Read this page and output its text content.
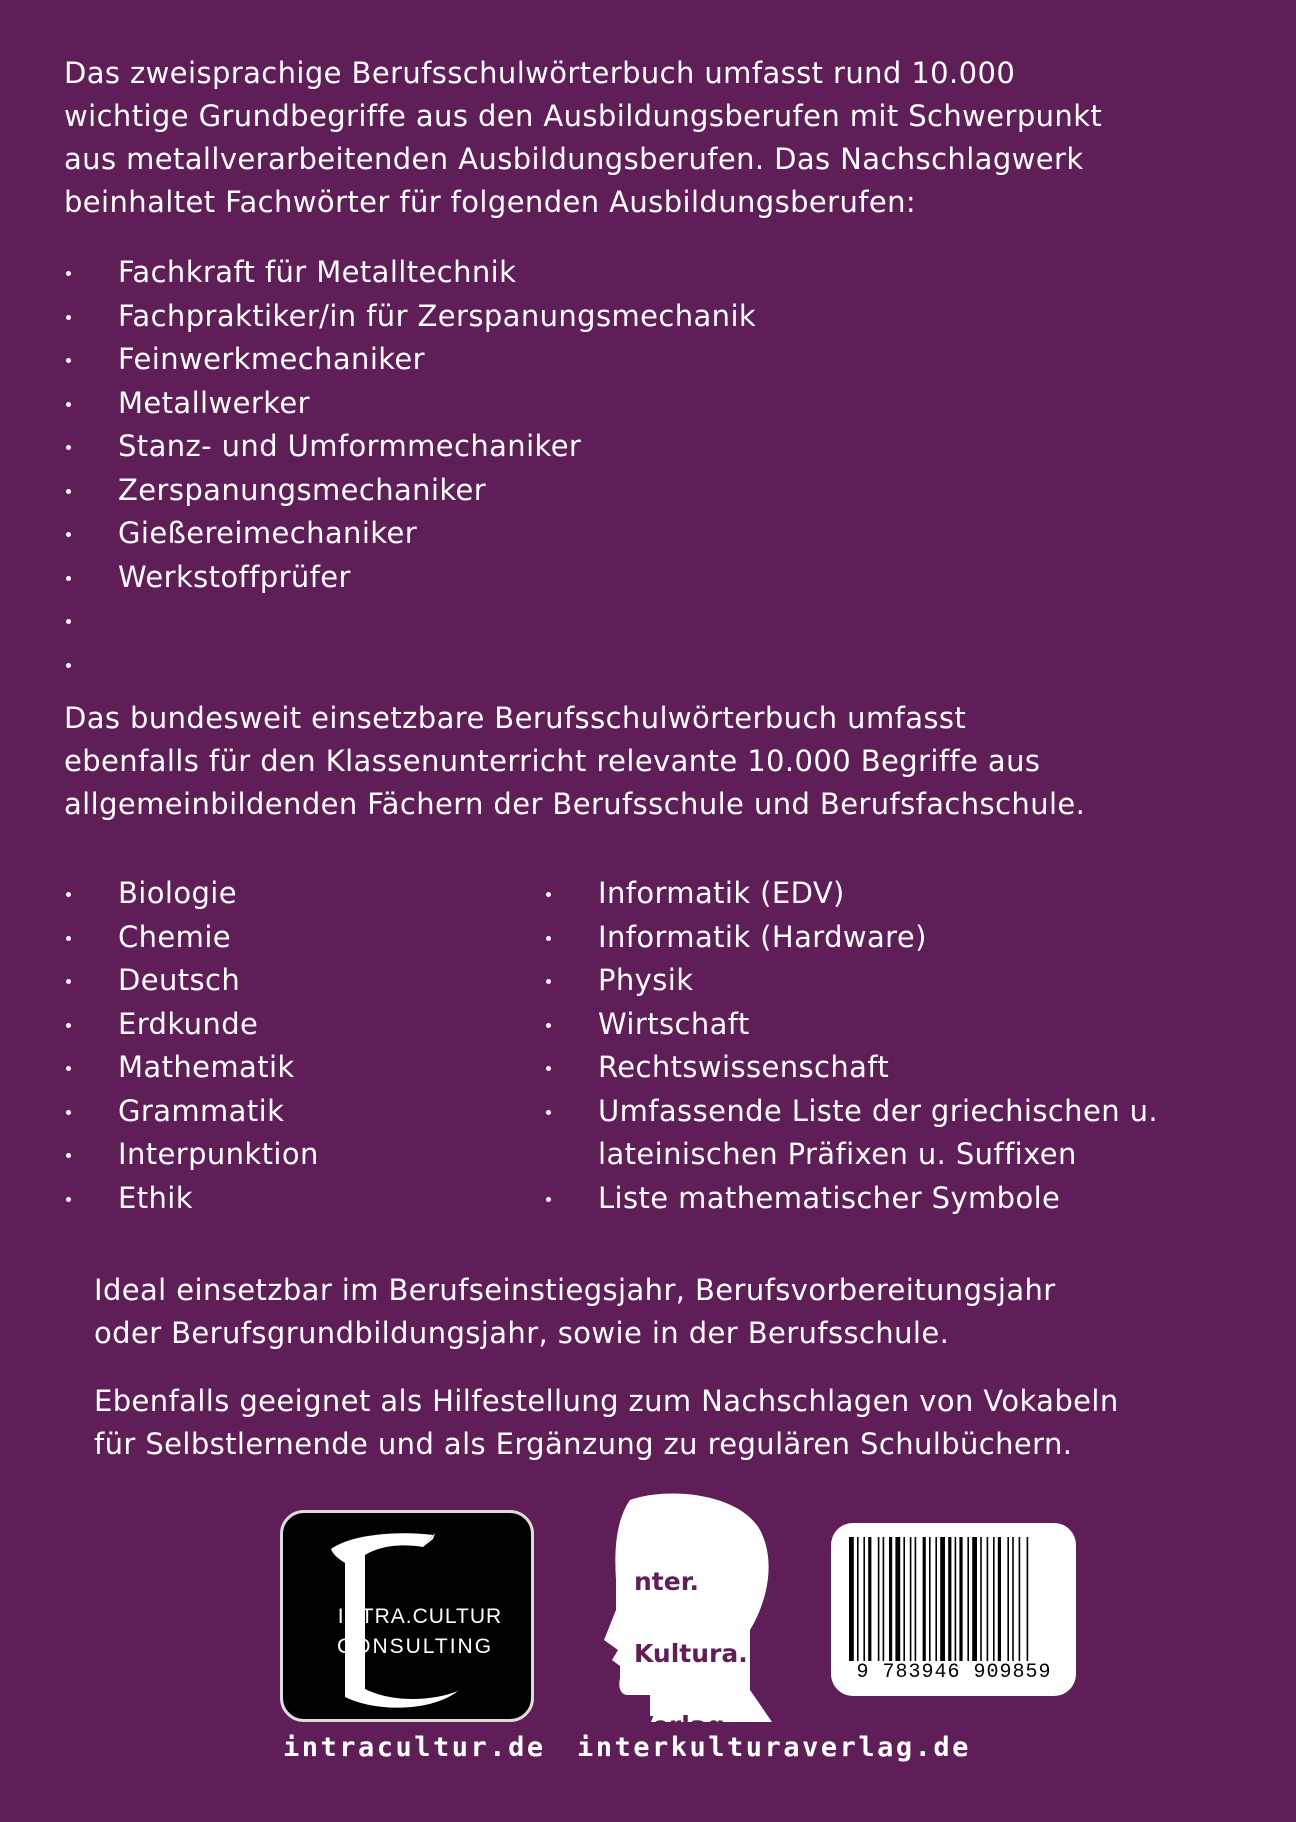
Das zweisprachige Berufsschulwörterbuch umfasst rund 10.000
wichtige Grundbegriffe aus den Ausbildungsberufen mit Schwerpunkt
aus metallverarbeitenden Ausbildungsberufen. Das Nachschlagwerk
beinhaltet Fachwörter für folgenden Ausbildungsberufen:

Fachkraft für Metalltechnik
Fachpraktiker/in für Zerspanungsmechanik
Feinwerkmechaniker
Metallwerker
Stanz- und Umformmechaniker
Zerspanungsmechaniker
Gießereimechaniker
Werkstoffprüfer

Das bundesweit einsetzbare Berufsschulwörterbuch umfasst
ebenfalls für den Klassenunterricht relevante 10.000 Begriffe aus
allgemeinbildenden Fächern der Berufsschule und Berufsfachschule.

Biologie
Chemie
Deutsch
Erdkunde
Mathematik
Grammatik
Interpunktion
Ethik
Informatik (EDV)
Informatik (Hardware)
Physik
Wirtschaft
Rechtswissenschaft
Umfassende Liste der griechischen u.
lateinischen Präfixen u. Suffixen
Liste mathematischer Symbole

Ideal einsetzbar im Berufseinstiegsjahr, Berufsvorbereitungsjahr
oder Berufsgrundbildungsjahr, sowie in der Berufsschule.

Ebenfalls geeignet als Hilfestellung zum Nachschlagen von Vokabeln
für Selbstlernende und als Ergänzung zu regulären Schulbüchern.

INTRA.CULTUR
CONSULTING

nter.

Kultura.

Verlag.

9 783946 909859
intracultur.de interkulturaverlag.de
